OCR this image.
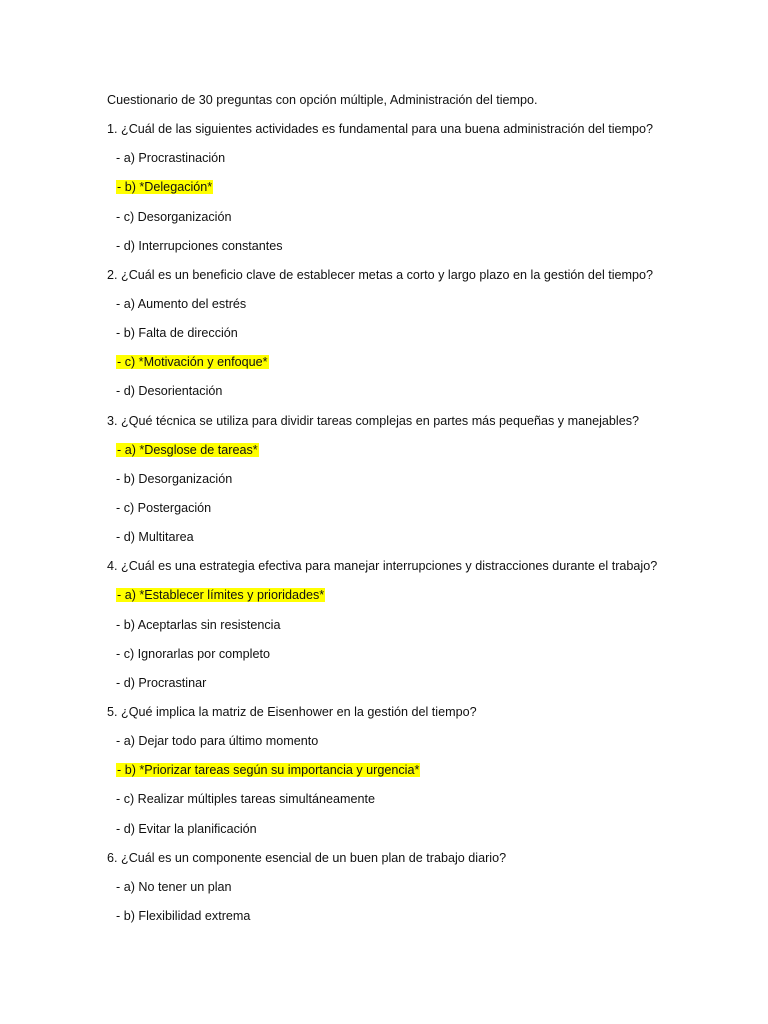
Cuestionario de 30 preguntas con opción múltiple, Administración del tiempo.
1. ¿Cuál de las siguientes actividades es fundamental para una buena administración del tiempo?
- a) Procrastinación
- b) *Delegación*
- c) Desorganización
- d) Interrupciones constantes
2. ¿Cuál es un beneficio clave de establecer metas a corto y largo plazo en la gestión del tiempo?
- a) Aumento del estrés
- b) Falta de dirección
- c) *Motivación y enfoque*
- d) Desorientación
3. ¿Qué técnica se utiliza para dividir tareas complejas en partes más pequeñas y manejables?
- a) *Desglose de tareas*
- b) Desorganización
- c) Postergación
- d) Multitarea
4. ¿Cuál es una estrategia efectiva para manejar interrupciones y distracciones durante el trabajo?
- a) *Establecer límites y prioridades*
- b) Aceptarlas sin resistencia
- c) Ignorarlas por completo
- d) Procrastinar
5. ¿Qué implica la matriz de Eisenhower en la gestión del tiempo?
- a) Dejar todo para último momento
- b) *Priorizar tareas según su importancia y urgencia*
- c) Realizar múltiples tareas simultáneamente
- d) Evitar la planificación
6. ¿Cuál es un componente esencial de un buen plan de trabajo diario?
- a) No tener un plan
- b) Flexibilidad extrema
